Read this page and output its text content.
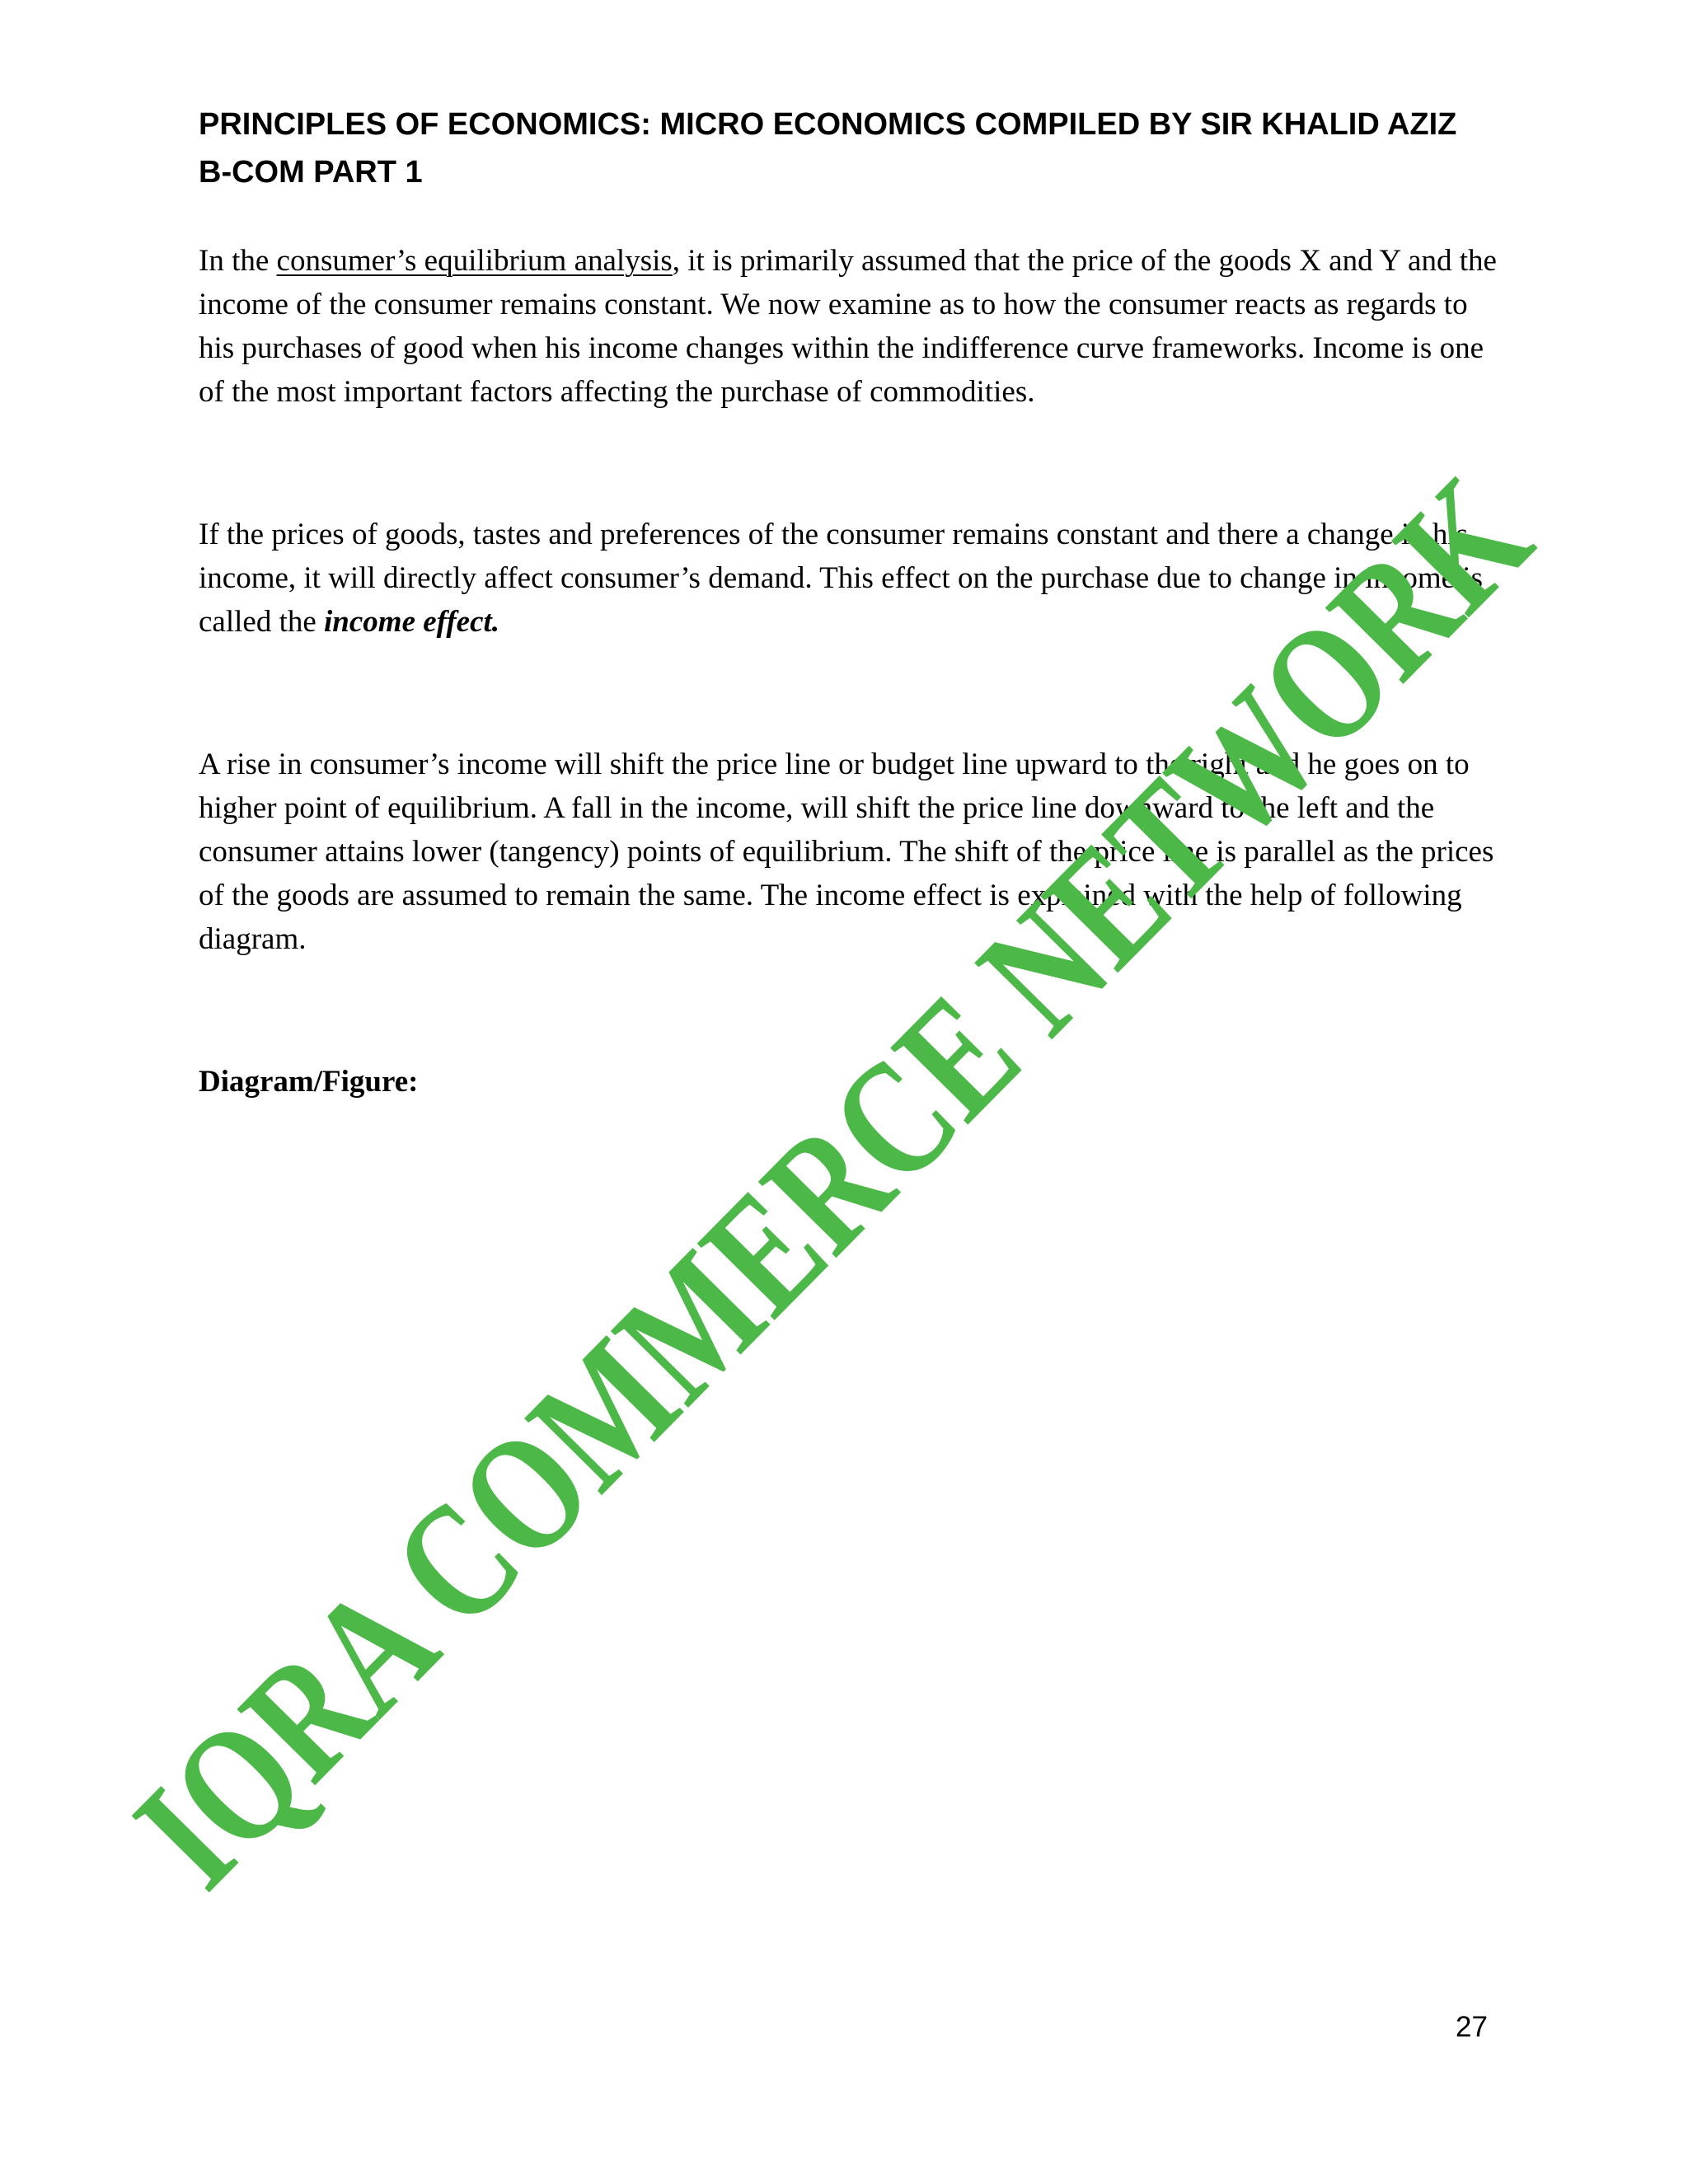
PRINCIPLES OF ECONOMICS: MICRO ECONOMICS COMPILED BY SIR KHALID AZIZ
B-COM PART 1

In the consumer’s equilibrium analysis, it is primarily assumed that the price of the goods X and Y and the income of the consumer remains constant. We now examine as to how the consumer reacts as regards to his purchases of good when his income changes within the indifference curve frameworks. Income is one of the most important factors affecting the purchase of commodities.

If the prices of goods, tastes and preferences of the consumer remains constant and there a change in his income, it will directly affect consumer’s demand. This effect on the purchase due to change in income is called the income effect.

A rise in consumer’s income will shift the price line or budget line upward to the right and he goes on to higher point of equilibrium. A fall in the income, will shift the price line downward to the left and the consumer attains lower (tangency) points of equilibrium. The shift of the price line is parallel as the prices of the goods are assumed to remain the same. The income effect is explained with the help of following diagram.

Diagram/Figure:

27
IQRA COMMERCE NETWORK
